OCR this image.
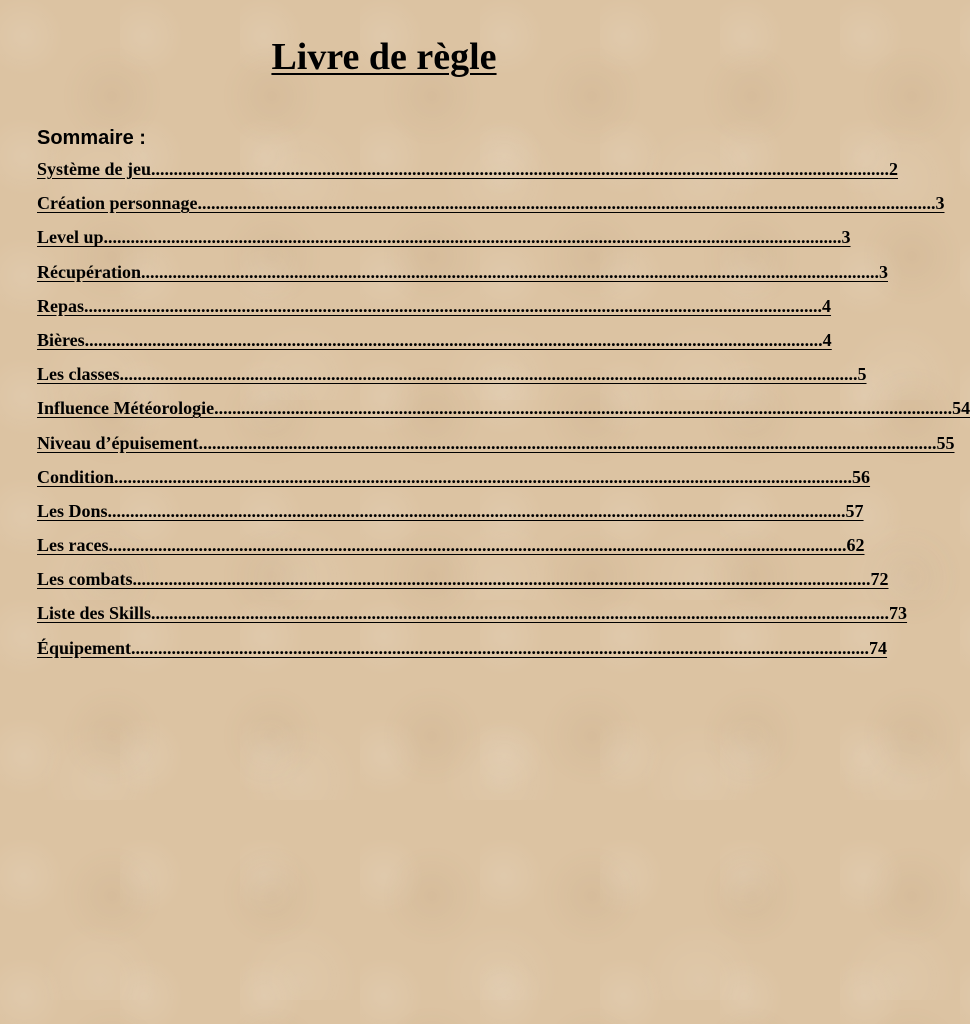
Livre de règle
Sommaire :
Système de jeu .................................................................................................................................................................... 2
Création personnage .................................................................................................................................................................... 3
Level up .................................................................................................................................................................... 3
Récupération .................................................................................................................................................................... 3
Repas .................................................................................................................................................................... 4
Bières .................................................................................................................................................................... 4
Les classes .................................................................................................................................................................... 5
Influence Météorologie .................................................................................................................................................................... 54
Niveau d’épuisement .................................................................................................................................................................... 55
Condition .................................................................................................................................................................... 56
Les Dons .................................................................................................................................................................... 57
Les races .................................................................................................................................................................... 62
Les combats .................................................................................................................................................................... 72
Liste des Skills .................................................................................................................................................................... 73
Équipement .................................................................................................................................................................... 74
